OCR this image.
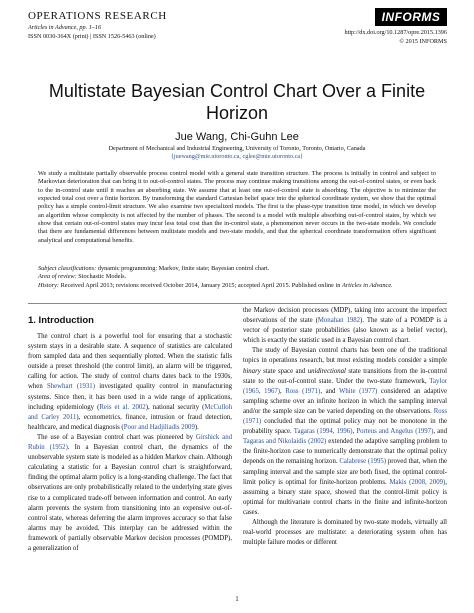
OPERATIONS RESEARCH
Articles in Advance, pp. 1–16
ISSN 0030-364X (print) | ISSN 1526-5463 (online)
INFORMS
http://dx.doi.org/10.1287/opre.2015.1396
© 2015 INFORMS
Multistate Bayesian Control Chart Over a Finite Horizon
Jue Wang, Chi-Guhn Lee
Department of Mechanical and Industrial Engineering, University of Toronto, Toronto, Ontario, Canada
{juewang@mie.utoronto.ca, cglee@mie.utoronto.ca}

We study a multistate partially observable process control model with a general state transition structure. The process is initially in control and subject to Markovian deterioration that can bring it to out-of-control states. The process may continue making transitions among the out-of-control states, or even back to the in-control state until it reaches an absorbing state. We assume that at least one out-of-control state is absorbing. The objective is to minimize the expected total cost over a finite horizon. By transforming the standard Cartesian belief space into the spherical coordinate system, we show that the optimal policy has a simple control-limit structure. We also examine two specialized models. The first is the phase-type transition time model, in which we develop an algorithm whose complexity is not affected by the number of phases. The second is a model with multiple absorbing out-of-control states, by which we show that certain out-of-control states may incur less total cost than the in-control state, a phenomenon never occurs in the two-state models. We conclude that there are fundamental differences between multistate models and two-state models, and that the spherical coordinate transformation offers significant analytical and computational benefits.

Subject classifications: dynamic programming: Markov, finite state; Bayesian control chart.

Area of review: Stochastic Models.

History: Received April 2013; revisions received October 2014, January 2015; accepted April 2015. Published online in Articles in Advance.

1. Introduction

The control chart is a powerful tool for ensuring that a stochastic system stays in a desirable state. A sequence of statistics are calculated from sampled data and then sequentially plotted. When the statistic falls outside a preset threshold (the control limit), an alarm will be triggered, calling for action. The study of control charts dates back to the 1930s, when Shewhart (1931) investigated quality control in manufacturing systems. Since then, it has been used in a wide range of applications, including epidemiology (Reis et al. 2002), national security (McCulloh and Carley 2011), econometrics, finance, intrusion or fraud detection, healthcare, and medical diagnosis (Poor and Hadjiliadis 2009).

The use of a Bayesian control chart was pioneered by Girshick and Rubin (1952). In a Bayesian control chart, the dynamics of the unobservable system state is modeled as a hidden Markov chain. Although calculating a statistic for a Bayesian control chart is straightforward, finding the optimal alarm policy is a long-standing challenge. The fact that observations are only probabilistically related to the underlying state gives rise to a complicated trade-off between information and control. An early alarm prevents the system from transitioning into an expensive out-of-control state, whereas deferring the alarm improves accuracy so that false alarms may be avoided. This interplay can be addressed within the framework of partially observable Markov decision processes (POMDP), a generalization of

the Markov decision processes (MDP), taking into account the imperfect observations of the state (Monahan 1982). The state of a POMDP is a vector of posterior state probabilities (also known as a belief vector), which is exactly the statistic used in a Bayesian control chart.

The study of Bayesian control charts has been one of the traditional topics in operations research, but most existing models consider a simple binary state space and unidirectional state transitions from the in-control state to the out-of-control state. Under the two-state framework, Taylor (1965, 1967), Ross (1971), and White (1977) considered an adaptive sampling scheme over an infinite horizon in which the sampling interval and/or the sample size can be varied depending on the observations. Ross (1971) concluded that the optimal policy may not be monotone in the probability space. Tagaras (1994, 1996), Porteus and Angelus (1997), and Tagaras and Nikolaidis (2002) extended the adaptive sampling problem to the finite-horizon case to numerically demonstrate that the optimal policy depends on the remaining horizon. Calabrese (1995) proved that, when the sampling interval and the sample size are both fixed, the optimal control-limit policy is optimal for finite-horizon problems. Makis (2008, 2009), assuming a binary state space, showed that the control-limit policy is optimal for multivariate control charts in the finite and infinite-horizon cases.

Although the literature is dominated by two-state models, virtually all real-world processes are multistate: a deteriorating system often has multiple failure modes or different

1
